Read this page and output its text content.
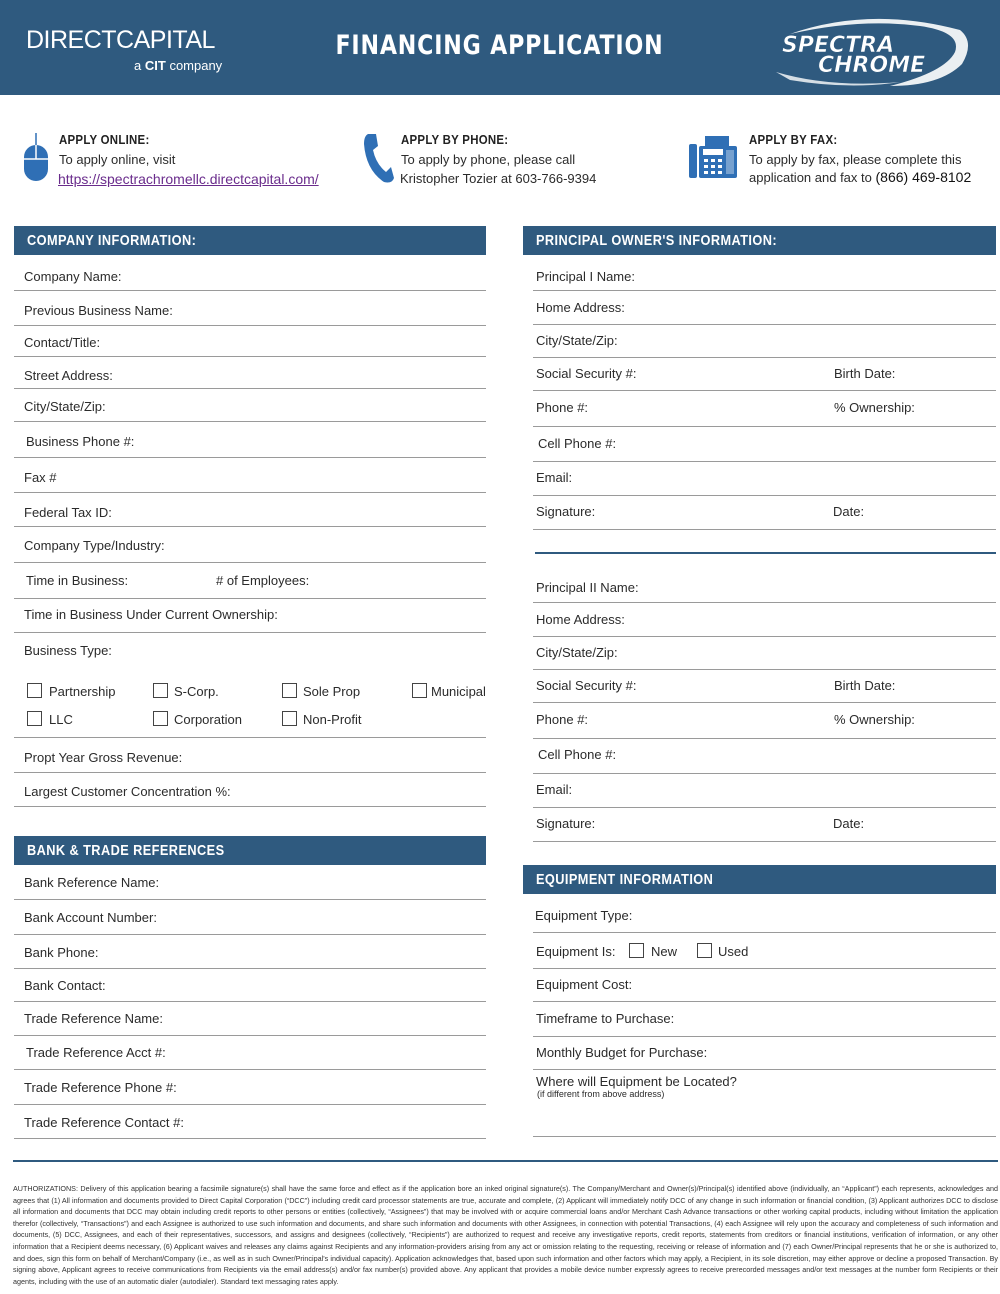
DIRECTCAPITAL
a CIT company
FINANCING APPLICATION	SPECTRA
CHROME
APPLY ONLINE:
To apply online, visit
https://spectrachromellc.directcapital.com/
APPLY BY PHONE:
To apply by phone, please call
Kristopher Tozier at 603-766-9394
APPLY BY FAX:
To apply by fax, please complete this
application and fax to (866) 469-8102
COMPANY INFORMATION:
Company Name:
Previous Business Name:
Contact/Title:
Street Address:
City/State/Zip:
Business Phone #:
Fax #
Federal Tax ID:
Company Type/Industry:
Time in Business:	# of Employees:
Time in Business Under Current Ownership:
Business Type:
Partnership	S-Corp.	Sole Prop	Municipal
LLC	Corporation	Non-Profit
Propt Year Gross Revenue:
Largest Customer Concentration %:
BANK & TRADE REFERENCES
Bank Reference Name:
Bank Account Number:
Bank Phone:
Bank Contact:
Trade Reference Name:
Trade Reference Acct #:
Trade Reference Phone #:
Trade Reference Contact #:
PRINCIPAL OWNER'S INFORMATION:
Principal I Name:
Home Address:
City/State/Zip:
Social Security #:	Birth Date:
Phone #:	% Ownership:
Cell Phone #:
Email:
Signature:	Date:
Principal II Name:
Home Address:
City/State/Zip:
Social Security #:	Birth Date:
Phone #:	% Ownership:
Cell Phone #:
Email:
Signature:	Date:
EQUIPMENT INFORMATION
Equipment Type:
Equipment Is:	New	Used
Equipment Cost:
Timeframe to Purchase:
Monthly Budget for Purchase:
Where will Equipment be Located?
(if different from above address)
AUTHORIZATIONS: Delivery of this application bearing a facsimile signature(s) shall have the same force and effect as if the application bore an inked original signature(s). The Company/Merchant and Owner(s)/Principal(s) identified above (individually, an “Applicant”) each represents, acknowledges and agrees that (1) All information and documents provided to Direct Capital Corporation (“DCC”) including credit card processor statements are true, accurate and complete, (2) Applicant will immediately notify DCC of any change in such information or financial condition, (3) Applicant authorizes DCC to disclose all information and documents that DCC may obtain including credit reports to other persons or entities (collectively, “Assignees”) that may be involved with or acquire commercial loans and/or Merchant Cash Advance transactions or other working capital products, including without limitation the application therefor (collectively, “Transactions”) and each Assignee is authorized to use such information and documents, and share such information and documents with other Assignees, in connection with potential Transactions, (4) each Assignee will rely upon the accuracy and completeness of such information and documents, (5) DCC, Assignees, and each of their representatives, successors, and assigns and designees (collectively, “Recipients”) are authorized to request and receive any investigative reports, credit reports, statements from creditors or financial institutions, verification of information, or any other information that a Recipient deems necessary, (6) Applicant waives and releases any claims against Recipients and any information-providers arising from any act or omission relating to the requesting, receiving or release of information and (7) each Owner/Principal represents that he or she is authorized to, and does, sign this form on behalf of Merchant/Company (i.e., as well as in such Owner/Principal’s individual capacity). Application acknowledges that, based upon such information and other factors which may apply, a Recipient, in its sole discretion, may either approve or decline a proposed Transaction. By signing above, Applicant agrees to receive communications from Recipients via the email address(s) and/or fax number(s) provided above. Any applicant that provides a mobile device number expressly agrees to receive prerecorded messages and/or text messages at the number form Recipients or their agents, including with the use of an automatic dialer (autodialer). Standard text messaging rates apply.
